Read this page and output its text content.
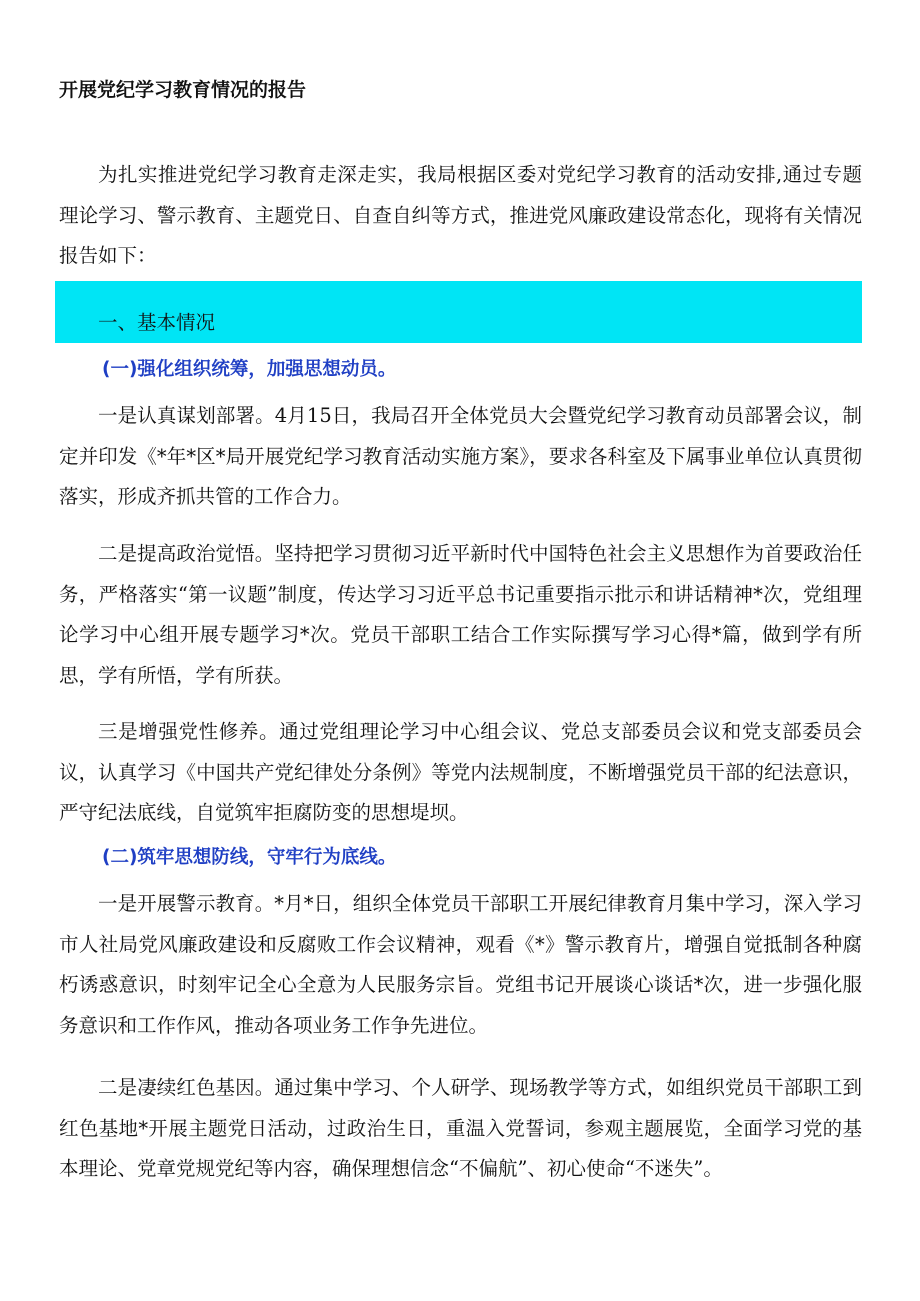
开展党纪学习教育情况的报告

为扎实推进党纪学习教育走深走实，我局根据区委对党纪学习教育的活动安排,通过专题理论学习、警示教育、主题党日、自查自纠等方式，推进党风廉政建设常态化，现将有关情况报告如下：

一、基本情况
(一)强化组织统筹，加强思想动员。

一是认真谋划部署。4月15日，我局召开全体党员大会暨党纪学习教育动员部署会议，制定并印发《*年*区*局开展党纪学习教育活动实施方案》，要求各科室及下属事业单位认真贯彻落实，形成齐抓共管的工作合力。

二是提高政治觉悟。坚持把学习贯彻习近平新时代中国特色社会主义思想作为首要政治任务，严格落实“第一议题”制度，传达学习习近平总书记重要指示批示和讲话精神*次，党组理论学习中心组开展专题学习*次。党员干部职工结合工作实际撰写学习心得*篇，做到学有所思，学有所悟，学有所获。

三是增强党性修养。通过党组理论学习中心组会议、党总支部委员会议和党支部委员会议，认真学习《中国共产党纪律处分条例》等党内法规制度，不断增强党员干部的纪法意识，严守纪法底线，自觉筑牢拒腐防变的思想堤坝。

(二)筑牢思想防线，守牢行为底线。

一是开展警示教育。*月*日，组织全体党员干部职工开展纪律教育月集中学习，深入学习市人社局党风廉政建设和反腐败工作会议精神，观看《*》警示教育片，增强自觉抵制各种腐朽诱惑意识，时刻牢记全心全意为人民服务宗旨。党组书记开展谈心谈话*次，进一步强化服务意识和工作作风，推动各项业务工作争先进位。

二是凄续红色基因。通过集中学习、个人研学、现场教学等方式，如组织党员干部职工到红色基地*开展主题党日活动，过政治生日，重温入党誓词，参观主题展览，全面学习党的基本理论、党章党规党纪等内容，确保理想信念“不偏航”、初心使命“不迷失”。
